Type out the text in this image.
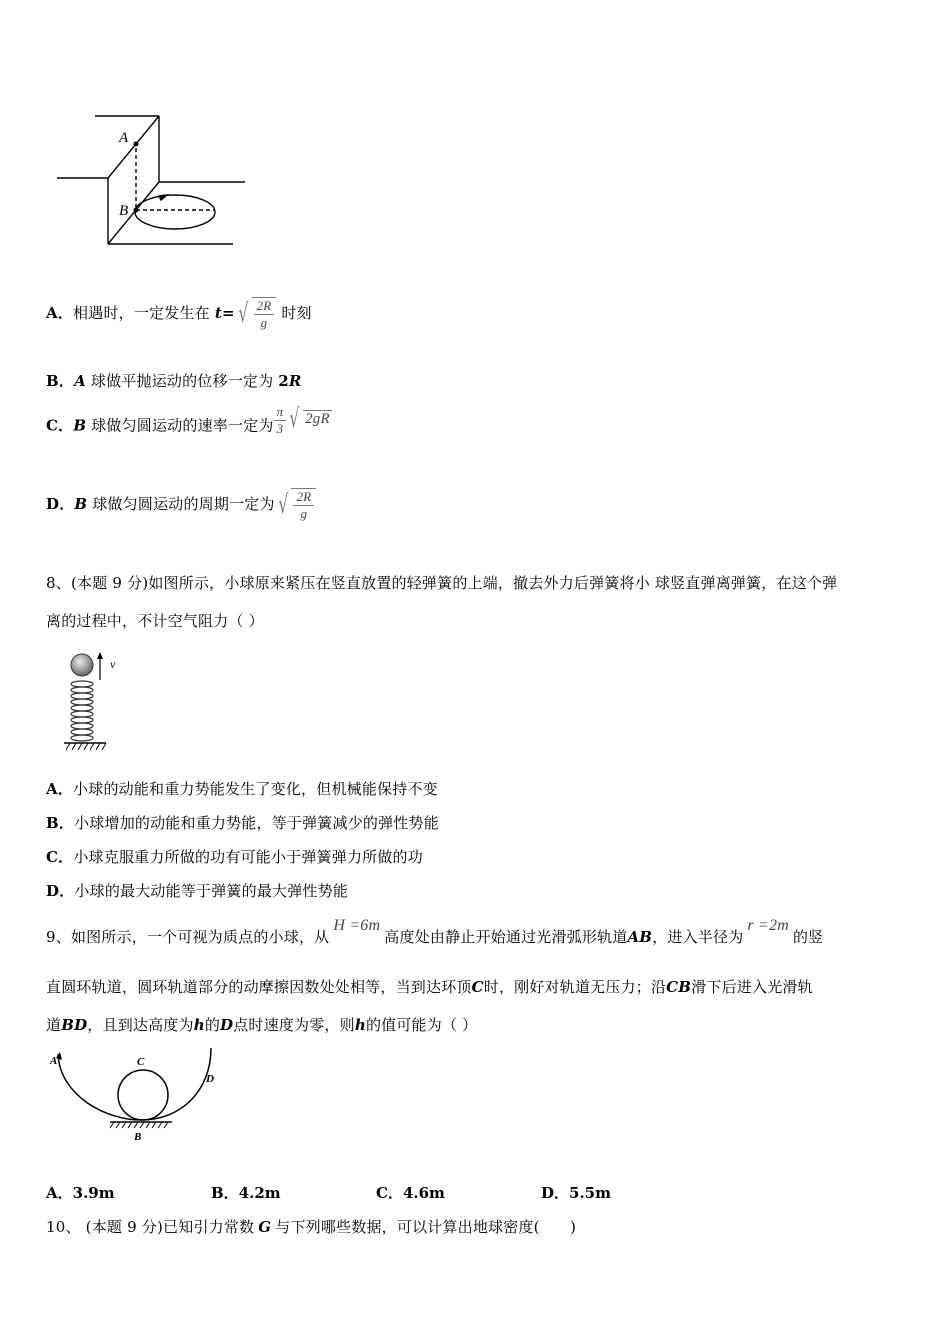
A
B
A．相遇时，一定发生在 t= √ $\frac{2R}{g}$ 时刻
B．A 球做平抛运动的位移一定为 2R
C．B 球做匀圆运动的速率一定为 $\frac{\pi}{3}$ √ 2gR
D．B 球做匀圆运动的周期一定为 √ $\frac{2R}{g}$
8、(本题 9 分)如图所示，小球原来紧压在竖直放置的轻弹簧的上端，撤去外力后弹簧将小 球竖直弹离弹簧，在这个弹
离的过程中，不计空气阻力（ ）
v
A．小球的动能和重力势能发生了变化，但机械能保持不变
B．小球增加的动能和重力势能，等于弹簧减少的弹性势能
C．小球克服重力所做的功有可能小于弹簧弹力所做的功
D．小球的最大动能等于弹簧的最大弹性势能
9、如图所示，一个可视为质点的小球，从H =6m高度处由静止开始通过光滑弧形轨道AB，进入半径为r =2m的竖
直圆环轨道，圆环轨道部分的动摩擦因数处处相等，当到达环顶C时，刚好对轨道无压力；沿CB滑下后进入光滑轨
道BD，且到达高度为h的D点时速度为零，则h的值可能为（ ）
A	C
D
B
A．3.9m	B．4.2m	C．4.6m	D．5.5m
10、 (本题 9 分)已知引力常数 G 与下列哪些数据，可以计算出地球密度(　　)
